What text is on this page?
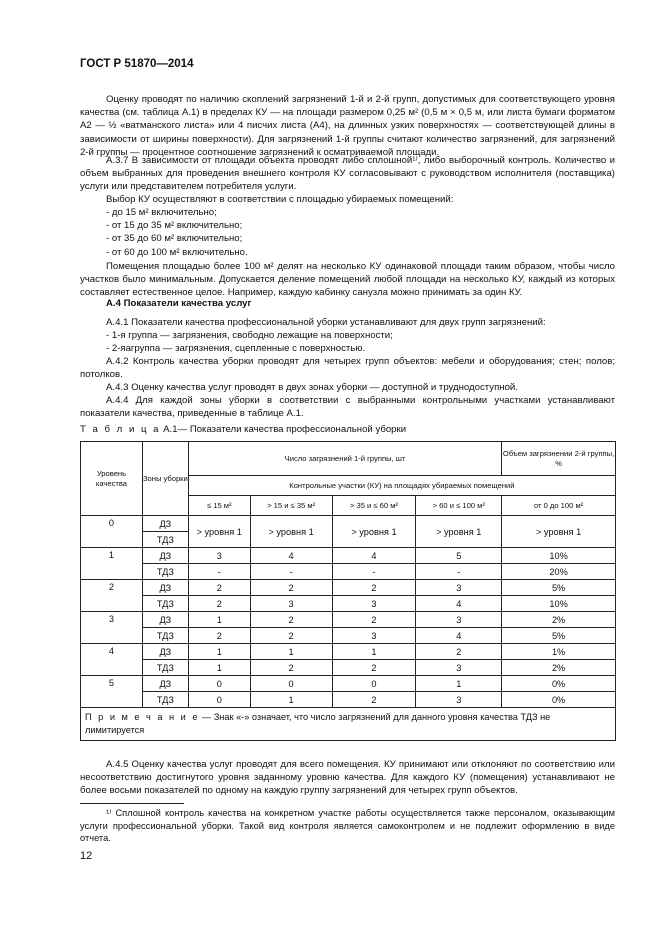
ГОСТ Р 51870—2014

Оценку проводят по наличию скоплений загрязнений 1-й и 2-й групп, допустимых для соответствующего уровня качества (см. таблица А.1) в пределах КУ — на площади размером 0,25 м² (0,5 м × 0,5 м, или листа бумаги форматом А2 — ½ «ватманского листа» или 4 писчих листа (А4), на длинных узких поверхностях — соответствующей длины в зависимости от ширины поверхности). Для загрязнений 1-й группы считают количество загрязнений, для загрязнений 2-й группы — процентное соотношение загрязнений к осматриваемой площади.

А.3.7 В зависимости от площади объекта проводят либо сплошной¹⁾, либо выборочный контроль. Количество и объем выбранных для проведения внешнего контроля КУ согласовывают с руководством исполнителя (поставщика) услуги или представителем потребителя услуги.

Выбор КУ осуществляют в соответствии с площадью убираемых помещений:

- до 15 м² включительно;
- от 15 до 35 м² включительно;
- от 35 до 60 м² включительно;
- от 60 до 100 м² включительно.

Помещения площадью более 100 м² делят на несколько КУ одинаковой площади таким образом, чтобы число участков было минимальным. Допускается деление помещений любой площади на несколько КУ, каждый из которых составляет естественное целое. Например, каждую кабинку санузла можно принимать за один КУ.

А.4 Показатели качества услуг

А.4.1 Показатели качества профессиональной уборки устанавливают для двух групп загрязнений:

- 1-я группа — загрязнения, свободно лежащие на поверхности;

- 2-яагруппа — загрязнения, сцепленные с поверхностью.

А.4.2 Контроль качества уборки проводят для четырех групп объектов: мебели и оборудования; стен; полов; потолков.

А.4.3 Оценку качества услуг проводят в двух зонах уборки — доступной и труднодоступной.

А.4.4 Для каждой зоны уборки в соответствии с выбранными контрольными участками устанавливают показатели качества, приведенные в таблице А.1.

Т а б л и ц а А.1— Показатели качества профессиональной уборки
Уровень качества	Зоны уборки	Число загрязнений 1-й группы, шт				Объем загрязнении 2-й группы, %
		Контрольные участки (КУ) на площадях убираемых помещений				
		≤ 15 м²	> 15 и ≤ 35 м²	> 35 и ≤ 60 м²	> 60 и ≤ 100 м²	от 0 до 100 м²
0	ДЗ	> уровня 1	> уровня 1	> уровня 1	> уровня 1	> уровня 1
	ТДЗ					
1	ДЗ	3	4	4	5	10%
	ТДЗ	-	-	-	-	20%
2	ДЗ	2	2	2	3	5%
	ТДЗ	2	3	3	4	10%
3	ДЗ	1	2	2	3	2%
	ТДЗ	2	2	3	4	5%
4	ДЗ	1	1	1	2	1%
	ТДЗ	1	2	2	3	2%
5	ДЗ	0	0	0	1	0%
	ТДЗ	0	1	2	3	0%
П р и м е ч а н и е — Знак «-» означает, что число загрязнений для данного уровня качества ТДЗ не лимитируется						

А.4.5 Оценку качества услуг проводят для всего помещения. КУ принимают или отклоняют по соответствию или несоответствию достигнутого уровня заданному уровню качества. Для каждого КУ (помещения) устанавливают не более восьми показателей по одному на каждую группу загрязнений для четырех групп объектов.

¹⁾ Сплошной контроль качества на конкретном участке работы осуществляется также персоналом, оказывающим услуги профессиональной уборки. Такой вид контроля является самоконтролем и не подлежит оформлению в виде отчета.

12
